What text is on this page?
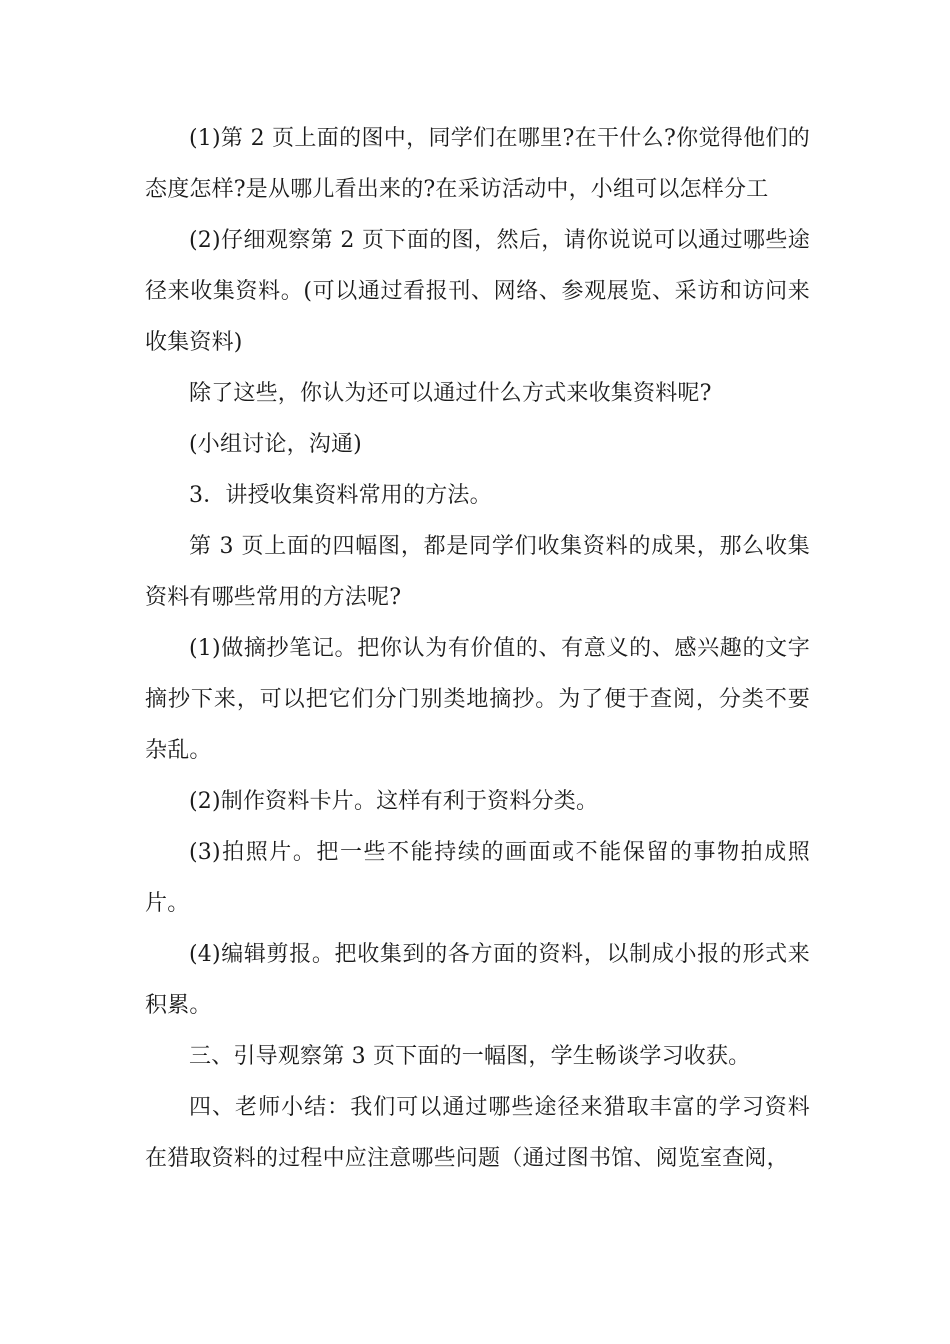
(1)第 2 页上面的图中，同学们在哪里?在干什么?你觉得他们的态度怎样?是从哪儿看出来的?在采访活动中，小组可以怎样分工

(2)仔细观察第 2 页下面的图，然后，请你说说可以通过哪些途径来收集资料。(可以通过看报刊、网络、参观展览、采访和访问来收集资料)

除了这些，你认为还可以通过什么方式来收集资料呢?

(小组讨论，沟通)

3．讲授收集资料常用的方法。

第 3 页上面的四幅图，都是同学们收集资料的成果，那么收集资料有哪些常用的方法呢?

(1)做摘抄笔记。把你认为有价值的、有意义的、感兴趣的文字摘抄下来，可以把它们分门别类地摘抄。为了便于查阅，分类不要杂乱。

(2)制作资料卡片。这样有利于资料分类。

(3)拍照片。把一些不能持续的画面或不能保留的事物拍成照片。

(4)编辑剪报。把收集到的各方面的资料，以制成小报的形式来积累。

三、引导观察第 3 页下面的一幅图，学生畅谈学习收获。

四、老师小结：我们可以通过哪些途径来猎取丰富的学习资料在猎取资料的过程中应注意哪些问题（通过图书馆、阅览室查阅，
